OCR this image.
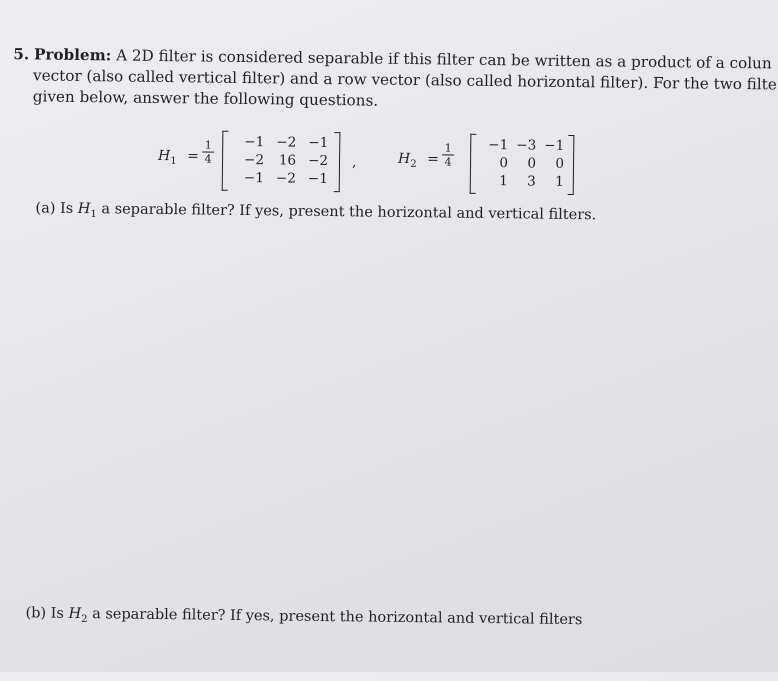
5. Problem: A 2D filter is considered separable if this filter can be written as a product of a colun
vector (also called vertical filter) and a row vector (also called horizontal filter). For the two filte
given below, answer the following questions.
$H_1 = \frac{1}{4}$	−1 −2 −1
−2	16 −2
−1 −2 −1
,	$H_2 = \frac{1}{4}$	−1 −3 −1
0	0	0
1	3	1
(a) Is $H_1$ a separable filter? If yes, present the horizontal and vertical filters.
(b) Is $H_2$ a separable filter? If yes, present the horizontal and vertical filters
